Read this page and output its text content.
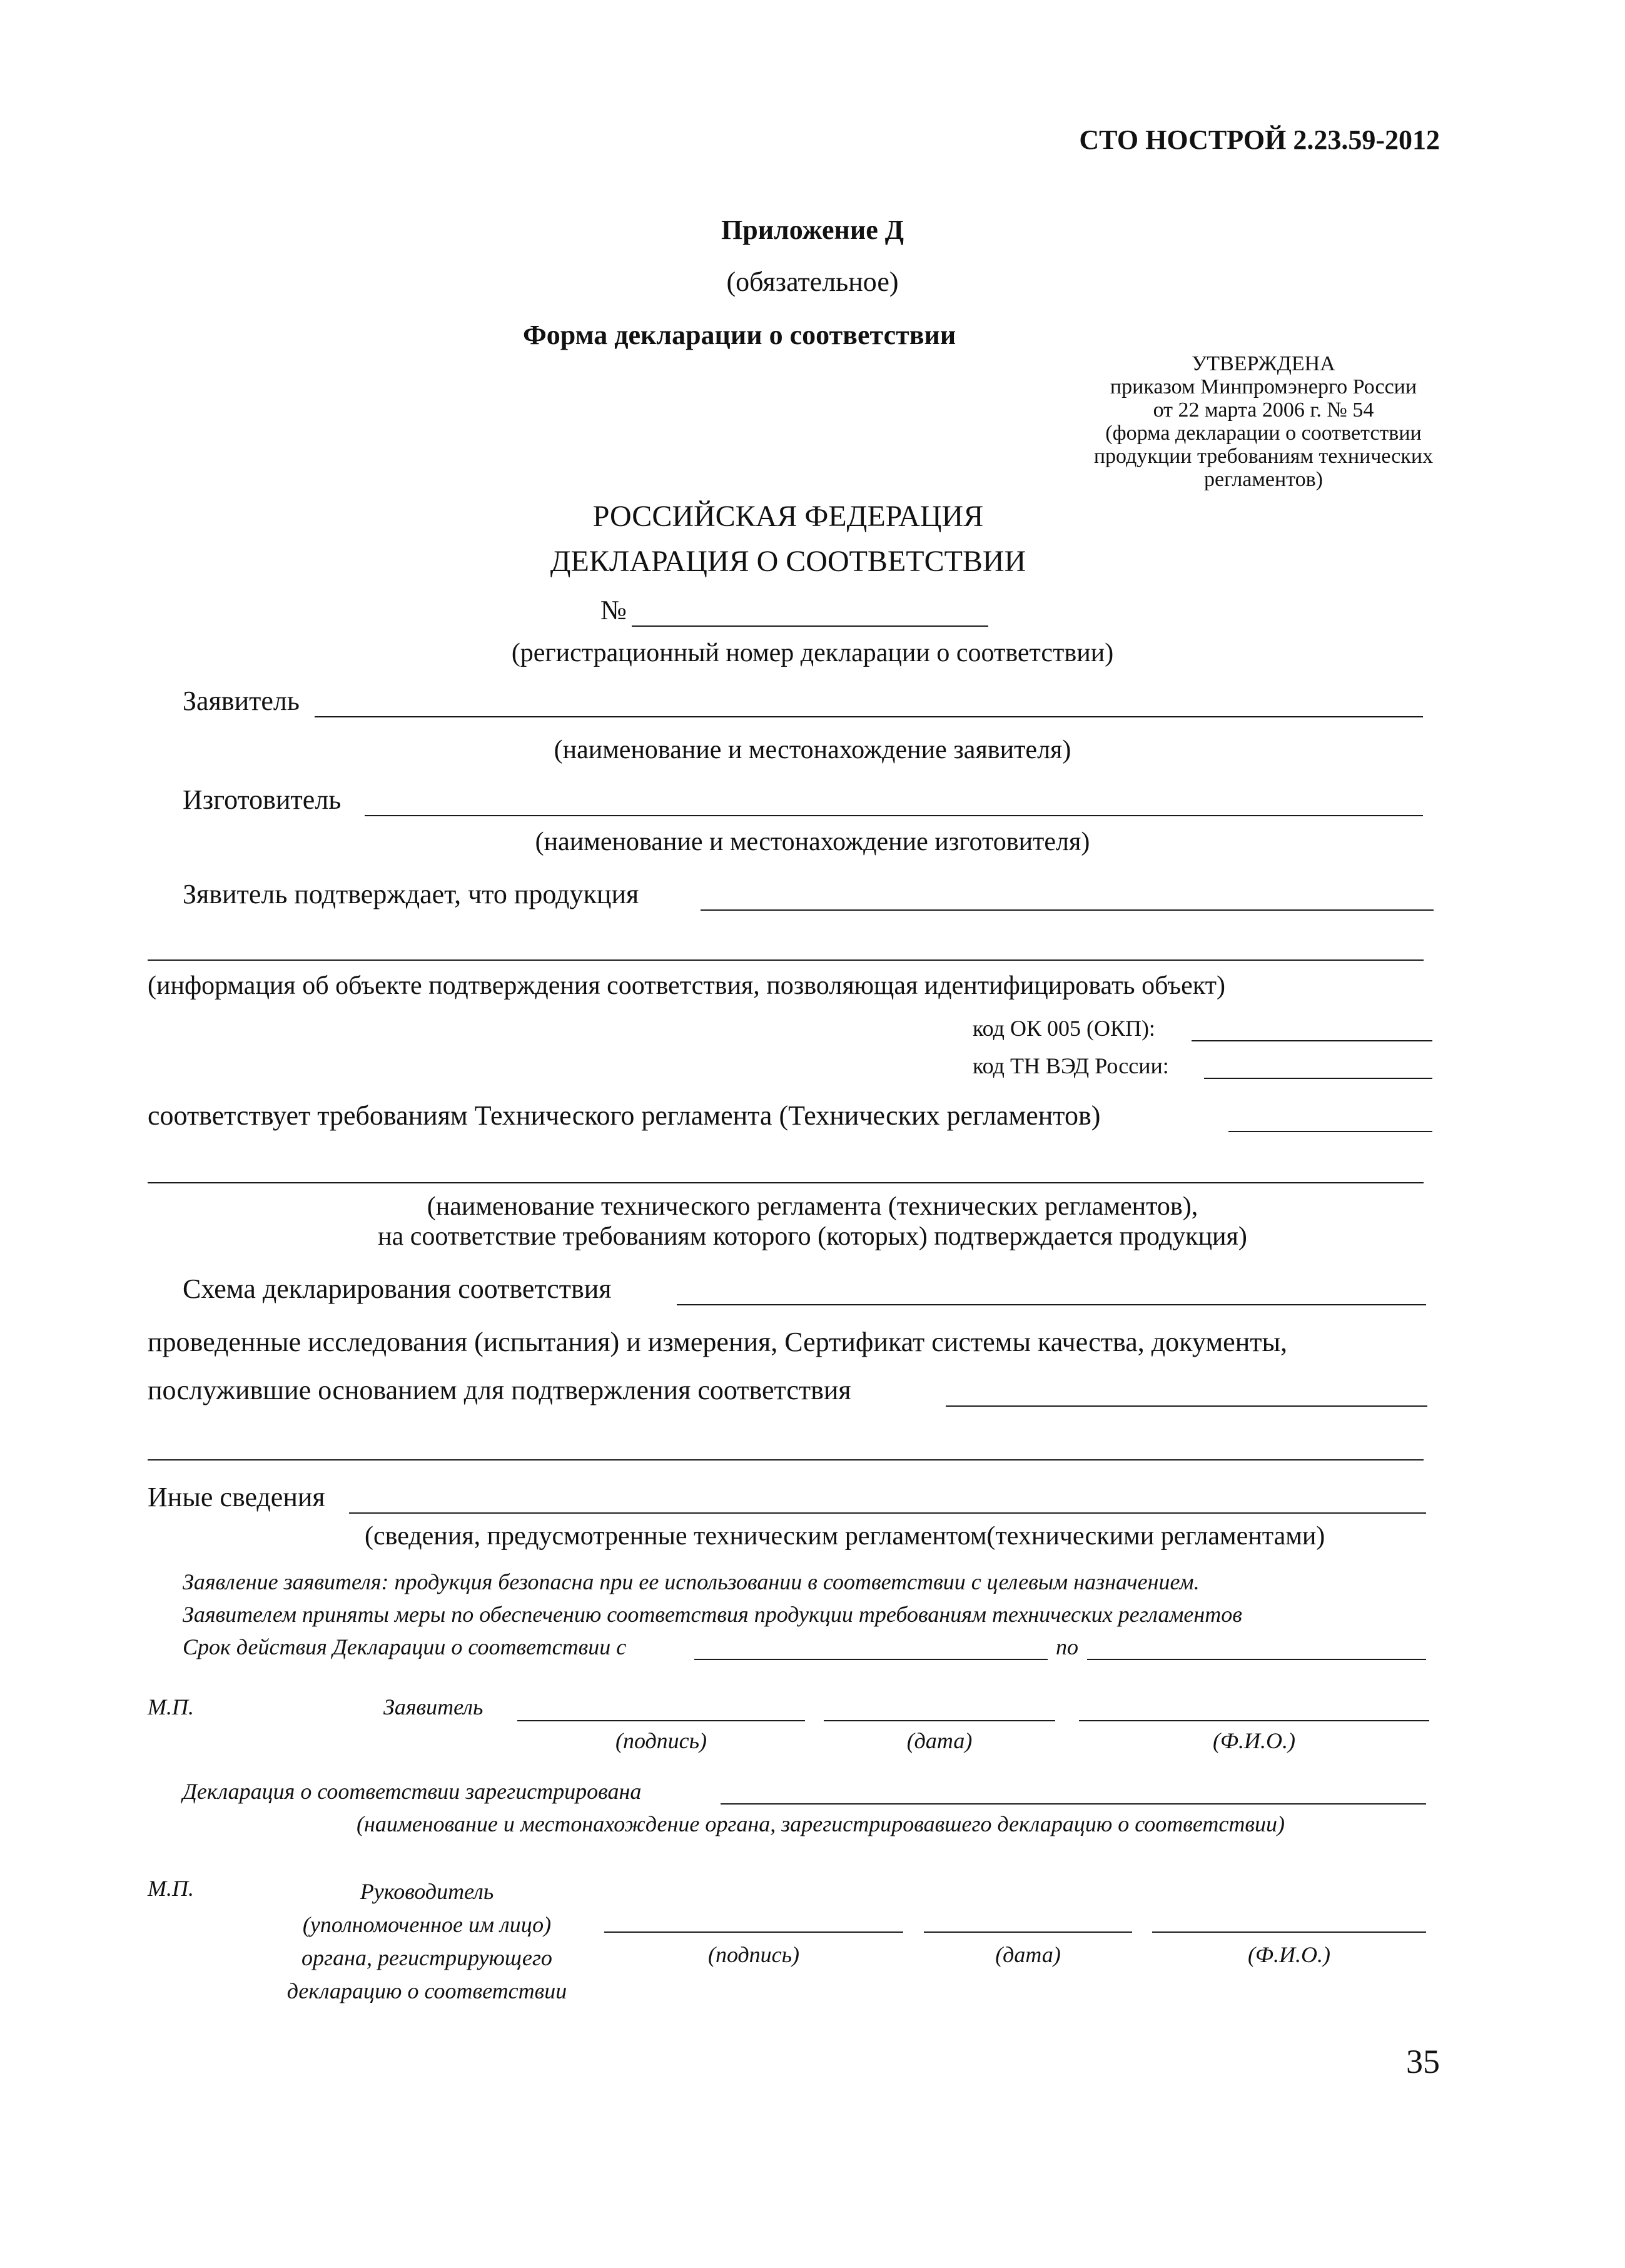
СТО НОСТРОЙ 2.23.59-2012
Приложение Д
(обязательное)
Форма декларации о соответствии
УТВЕРЖДЕНА
приказом Минпромэнерго России
от 22 марта 2006 г. № 54
(форма декларации о соответствии
продукции требованиям технических
регламентов)
РОССИЙСКАЯ ФЕДЕРАЦИЯ
ДЕКЛАРАЦИЯ О СООТВЕТСТВИИ
№
(регистрационный номер декларации о соответствии)
Заявитель
(наименование и местонахождение заявителя)
Изготовитель
(наименование и местонахождение изготовителя)
Зявитель подтверждает, что продукция
(информация об объекте подтверждения соответствия, позволяющая идентифицировать объект)
код ОК 005 (ОКП):
код ТН ВЭД России:
соответствует требованиям Технического регламента (Технических регламентов)
(наименование технического регламента (технических регламентов),
на соответствие требованиям которого (которых) подтверждается продукция)
Схема декларирования соответствия
проведенные исследования (испытания) и измерения, Сертификат системы качества, документы,
послужившие основанием для подтвержления соответствия
Иные сведения
(сведения, предусмотренные техническим регламентом(техническими регламентами)
Заявление заявителя: продукция безопасна при ее использовании в соответствии с целевым назначением.
Заявителем приняты меры по обеспечению соответствия продукции требованиям технических регламентов
Срок действия Декларации о соответствии с	по
М.П.	Заявитель
(подпись)	(дата)	(Ф.И.О.)
Декларация о соответствии зарегистрирована
(наименование и местонахождение органа, зарегистрировавшего декларацию о соответствии)
М.П.	Руководитель
(уполномоченное им лицо)
органа, регистрирующего
декларацию о соответствии
(подпись)	(дата)	(Ф.И.О.)
35
